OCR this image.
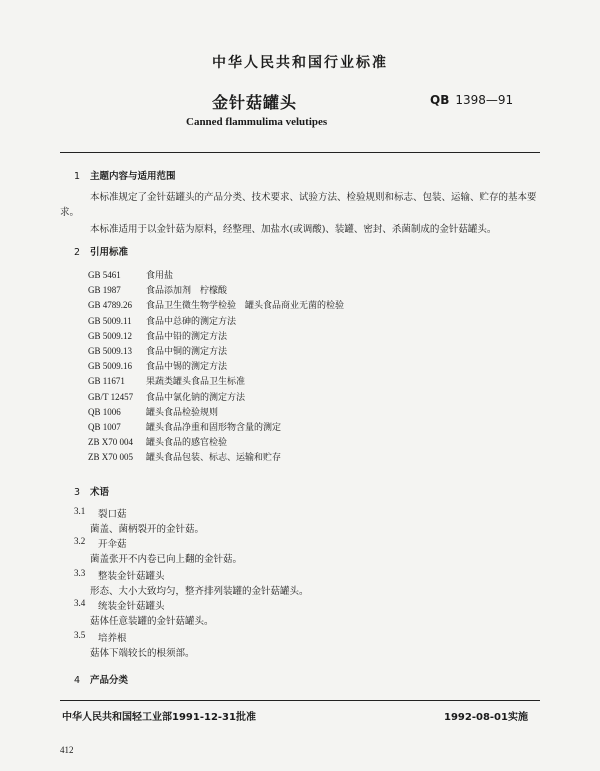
中华人民共和国行业标准
金针菇罐头	QB 1398—91
Canned flammulima velutipes
1 主题内容与适用范围
本标准规定了金针菇罐头的产品分类、技术要求、试验方法、检验规则和标志、包装、运输、贮存的基本要求。
本标准适用于以金针菇为原料，经整理、加盐水(或调酸)、装罐、密封、杀菌制成的金针菇罐头。
2 引用标准
GB 5461	食用盐
GB 1987	食品添加剂　柠檬酸
GB 4789.26 食品卫生微生物学检验　罐头食品商业无菌的检验
GB 5009.11 食品中总砷的测定方法
GB 5009.12 食品中铅的测定方法
GB 5009.13 食品中铜的测定方法
GB 5009.16 食品中锡的测定方法
GB 11671 果蔬类罐头食品卫生标准
GB/T 12457 食品中氯化钠的测定方法
QB 1006	罐头食品检验规则
QB 1007	罐头食品净重和固形物含量的测定
ZB X70 004 罐头食品的感官检验
ZB X70 005 罐头食品包装、标志、运输和贮存
3 术语
3.1 裂口菇
菌盖、菌柄裂开的金针菇。
3.2 开伞菇
菌盖张开不内卷已向上翻的金针菇。
3.3 整装金针菇罐头
形态、大小大致均匀，整齐排列装罐的金针菇罐头。
3.4 统装金针菇罐头
菇体任意装罐的金针菇罐头。
3.5 培养根
菇体下端较长的根须部。
4 产品分类
中华人民共和国轻工业部1991-12-31批准	1992-08-01实施
412
